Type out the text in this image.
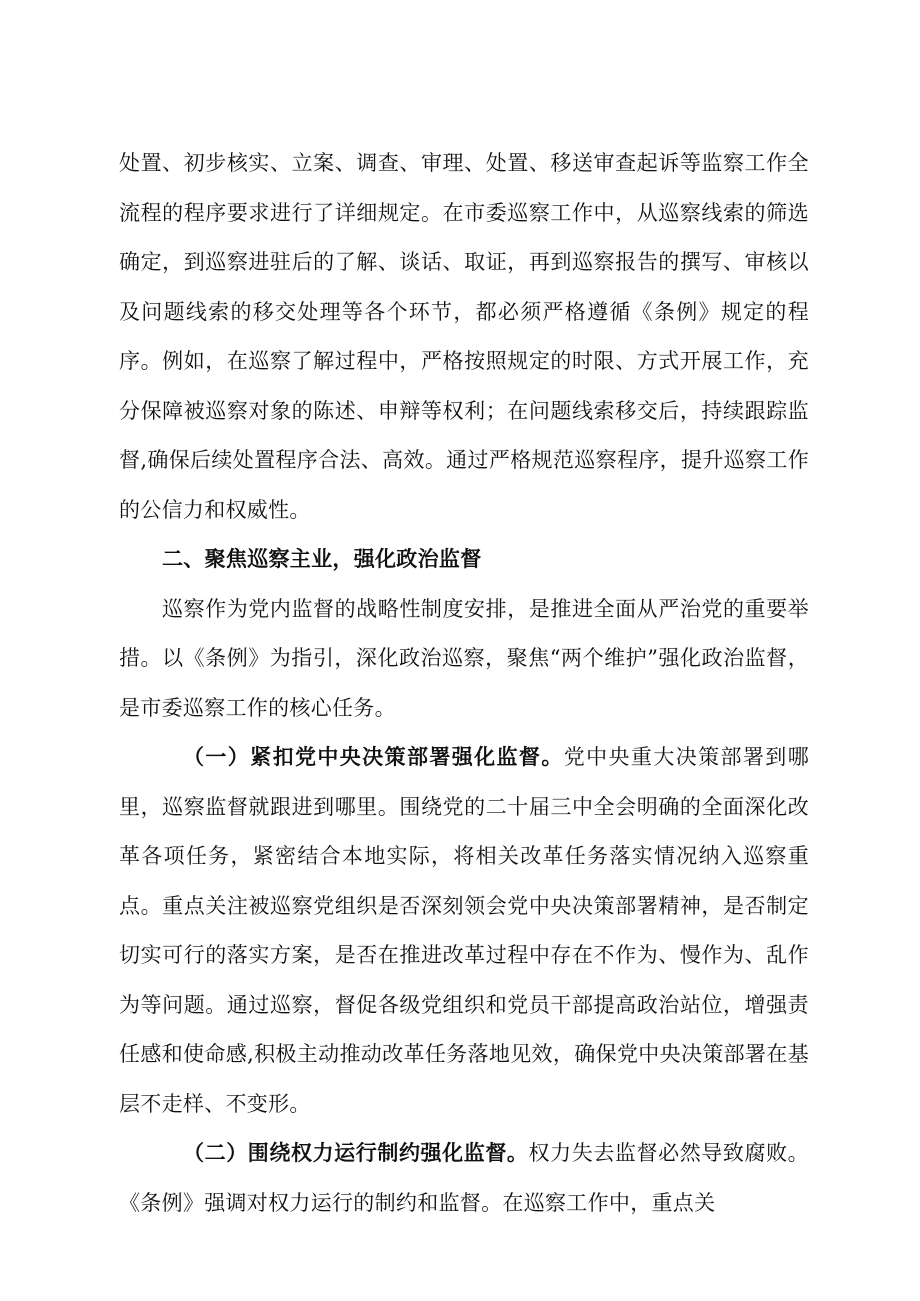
处置、初步核实、立案、调查、审理、处置、移送审查起诉等监察工作全流程的程序要求进行了详细规定。在市委巡察工作中，从巡察线索的筛选确定，到巡察进驻后的了解、谈话、取证，再到巡察报告的撰写、审核以及问题线索的移交处理等各个环节，都必须严格遵循《条例》规定的程序。例如，在巡察了解过程中，严格按照规定的时限、方式开展工作，充分保障被巡察对象的陈述、申辩等权利；在问题线索移交后，持续跟踪监督,确保后续处置程序合法、高效。通过严格规范巡察程序，提升巡察工作的公信力和权威性。

二、聚焦巡察主业，强化政治监督

巡察作为党内监督的战略性制度安排，是推进全面从严治党的重要举措。以《条例》为指引，深化政治巡察，聚焦“两个维护”强化政治监督，是市委巡察工作的核心任务。

（一）紧扣党中央决策部署强化监督。党中央重大决策部署到哪里，巡察监督就跟进到哪里。围绕党的二十届三中全会明确的全面深化改革各项任务，紧密结合本地实际，将相关改革任务落实情况纳入巡察重点。重点关注被巡察党组织是否深刻领会党中央决策部署精神，是否制定切实可行的落实方案，是否在推进改革过程中存在不作为、慢作为、乱作为等问题。通过巡察，督促各级党组织和党员干部提高政治站位，增强责任感和使命感,积极主动推动改革任务落地见效，确保党中央决策部署在基层不走样、不变形。

（二）围绕权力运行制约强化监督。权力失去监督必然导致腐败。《条例》强调对权力运行的制约和监督。在巡察工作中，重点关
